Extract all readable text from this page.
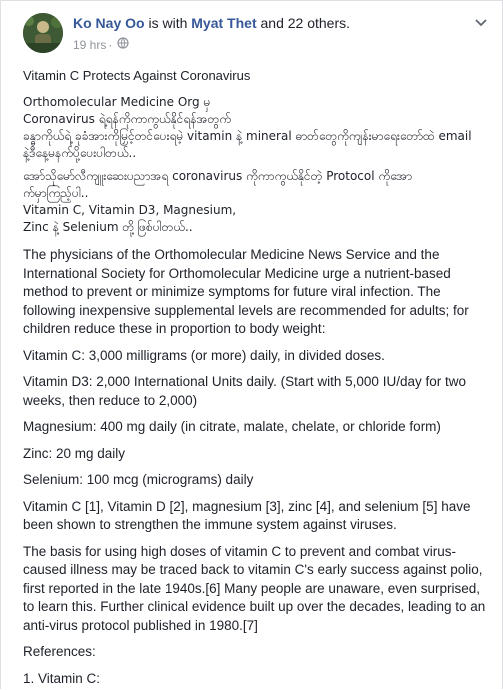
Ko Nay Oo is with Myat Thet and 22 others.
19 hrs ·

Vitamin C Protects Against Coronavirus

Orthomolecular Medicine Org မှ
Coronavirus ရဲ့ရန်ကိုကာကွယ်နိုင်ရန်အတွက်
ခန္ဓာကိုယ်ရဲ့ ခုခံအားကိုမြှင့်တင်ပေးရမဲ့ vitamin နဲ့ mineral ဓာတ်တွေကိုကျန်းမာရေးတော်ထဲ email
နဲ့ဒီနေ့မနက်ပို့ပေးပါတယ်..
အော်သိုမော်လီကျူးဆေးပညာအရ coronavirus ကိုကာကွယ်နိုင်တဲ့ Protocol ကိုအော
က်မှာကြည့်ပါ..
Vitamin C, Vitamin D3, Magnesium,
Zinc နဲ့ Selenium တို့ဖြစ်ပါတယ်..

The physicians of the Orthomolecular Medicine News Service and the International Society for Orthomolecular Medicine urge a nutrient-based method to prevent or minimize symptoms for future viral infection. The following inexpensive supplemental levels are recommended for adults; for children reduce these in proportion to body weight:

Vitamin C: 3,000 milligrams (or more) daily, in divided doses.

Vitamin D3: 2,000 International Units daily. (Start with 5,000 IU/day for two weeks, then reduce to 2,000)

Magnesium: 400 mg daily (in citrate, malate, chelate, or chloride form)

Zinc: 20 mg daily

Selenium: 100 mcg (micrograms) daily

Vitamin C [1], Vitamin D [2], magnesium [3], zinc [4], and selenium [5] have been shown to strengthen the immune system against viruses.

The basis for using high doses of vitamin C to prevent and combat virus-caused illness may be traced back to vitamin C's early success against polio, first reported in the late 1940s.[6] Many people are unaware, even surprised, to learn this. Further clinical evidence built up over the decades, leading to an anti-virus protocol published in 1980.[7]

References:

1. Vitamin C:
